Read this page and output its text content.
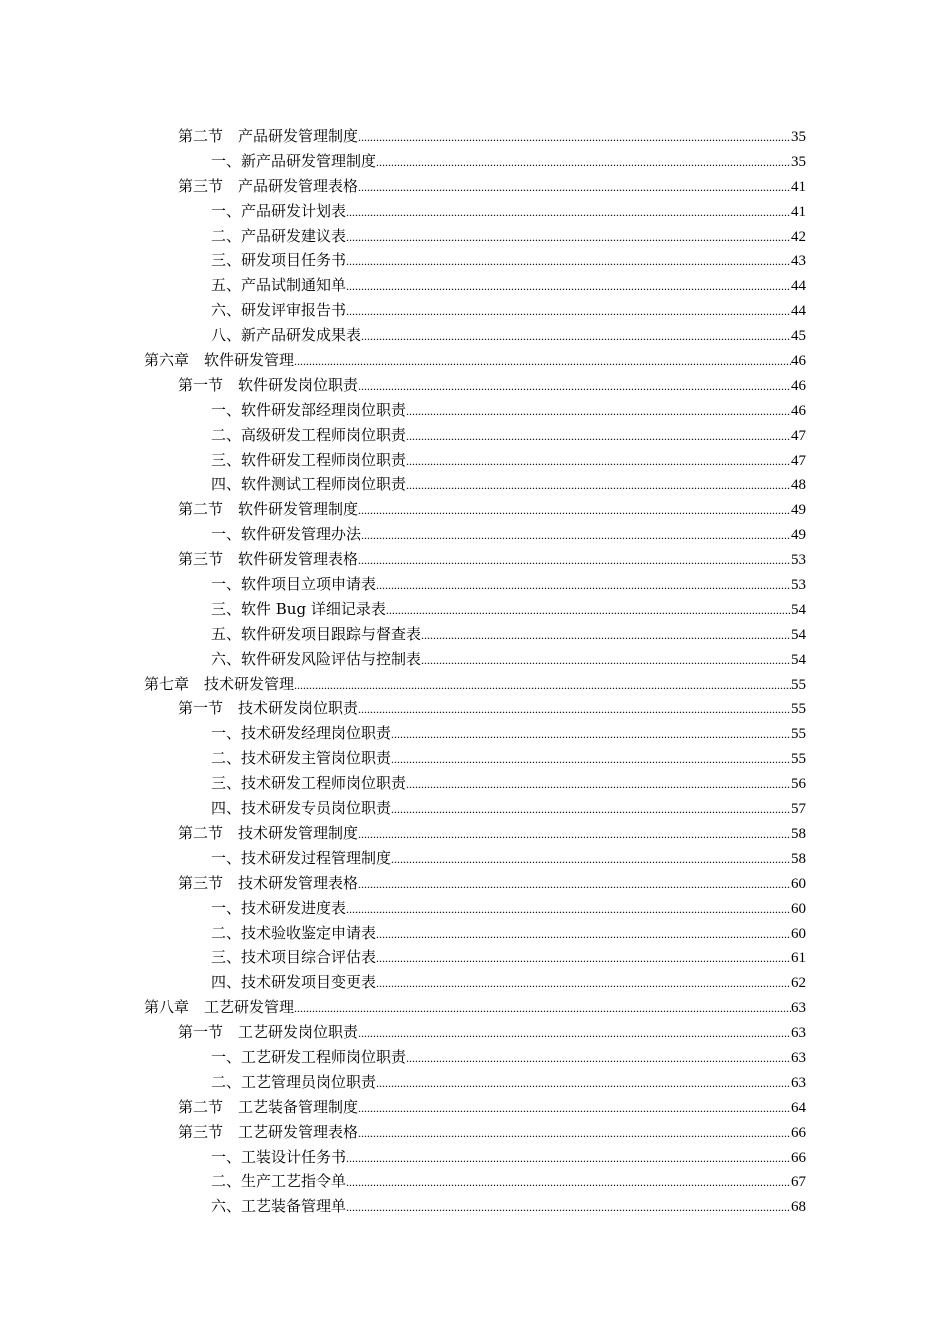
第二节　产品研发管理制度 .....	35
一、新产品研发管理制度 .....	35
第三节　产品研发管理表格 .....	41
一、产品研发计划表 .....	41
二、产品研发建议表 .....	42
三、研发项目任务书 .....	43
五、产品试制通知单 .....	44
六、研发评审报告书 .....	44
八、新产品研发成果表 .....	45
第六章　软件研发管理 .....	46
第一节　软件研发岗位职责 .....	46
一、软件研发部经理岗位职责 .....	46
二、高级研发工程师岗位职责 .....	47
三、软件研发工程师岗位职责 .....	47
四、软件测试工程师岗位职责 .....	48
第二节　软件研发管理制度 .....	49
一、软件研发管理办法 .....	49
第三节　软件研发管理表格 .....	53
一、软件项目立项申请表 .....	53
三、软件 Bug 详细记录表 .....	54
五、软件研发项目跟踪与督查表 .....	54
六、软件研发风险评估与控制表 .....	54
第七章　技术研发管理 .....	55
第一节　技术研发岗位职责 .....	55
一、技术研发经理岗位职责 .....	55
二、技术研发主管岗位职责 .....	55
三、技术研发工程师岗位职责 .....	56
四、技术研发专员岗位职责 .....	57
第二节　技术研发管理制度 .....	58
一、技术研发过程管理制度 .....	58
第三节　技术研发管理表格 .....	60
一、技术研发进度表 .....	60
二、技术验收鉴定申请表 .....	60
三、技术项目综合评估表 .....	61
四、技术研发项目变更表 .....	62
第八章　工艺研发管理 .....	63
第一节　工艺研发岗位职责 .....	63
一、工艺研发工程师岗位职责 .....	63
二、工艺管理员岗位职责 .....	63
第二节　工艺装备管理制度 .....	64
第三节　工艺研发管理表格 .....	66
一、工装设计任务书 .....	66
二、生产工艺指令单 .....	67
六、工艺装备管理单 .....	68
